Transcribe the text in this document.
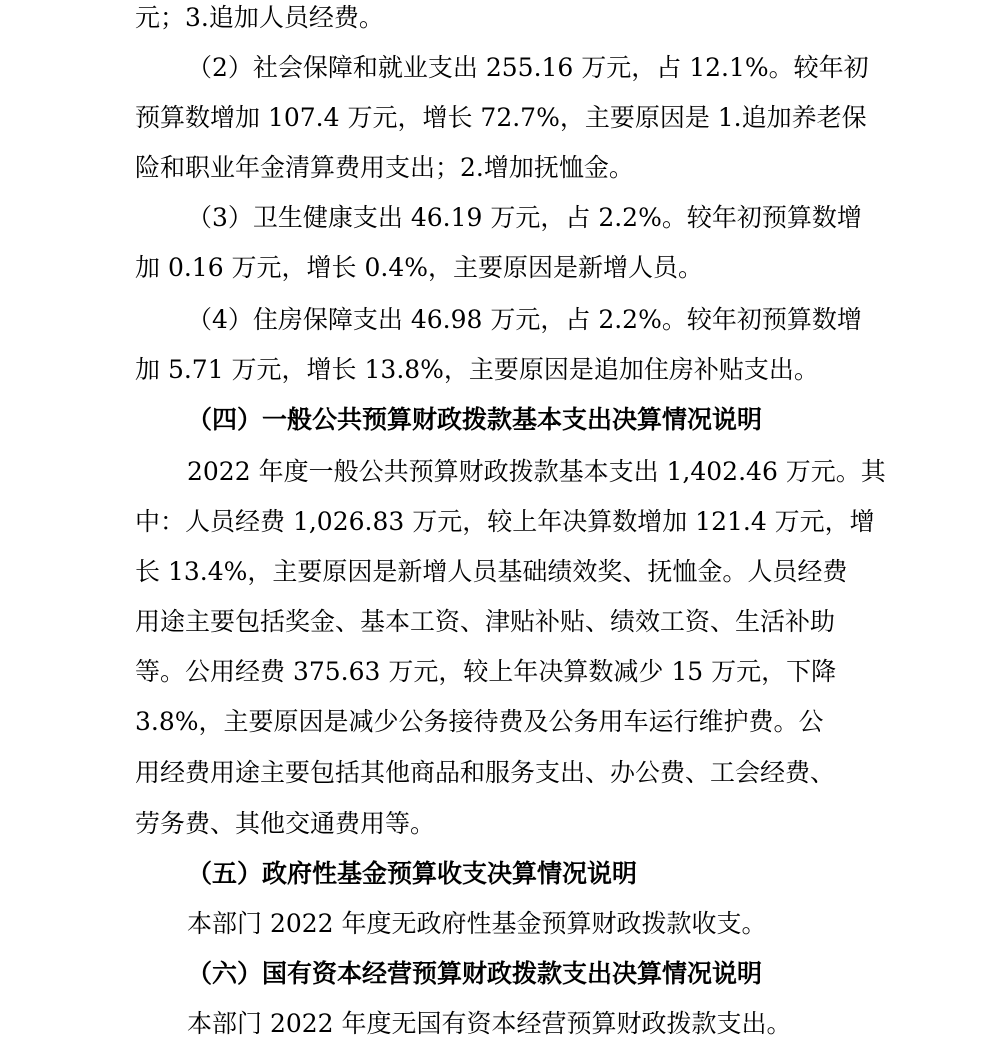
元；3.追加人员经费。
（2）社会保障和就业支出 255.16 万元，占 12.1%。较年初
预算数增加 107.4 万元，增长 72.7%，主要原因是 1.追加养老保
险和职业年金清算费用支出；2.增加抚恤金。
（3）卫生健康支出 46.19 万元，占 2.2%。较年初预算数增
加 0.16 万元，增长 0.4%，主要原因是新增人员。
（4）住房保障支出 46.98 万元，占 2.2%。较年初预算数增
加 5.71 万元，增长 13.8%，主要原因是追加住房补贴支出。
（四）一般公共预算财政拨款基本支出决算情况说明
2022 年度一般公共预算财政拨款基本支出 1,402.46 万元。其
中：人员经费 1,026.83 万元，较上年决算数增加 121.4 万元，增
长 13.4%，主要原因是新增人员基础绩效奖、抚恤金。人员经费
用途主要包括奖金、基本工资、津贴补贴、绩效工资、生活补助
等。公用经费 375.63 万元，较上年决算数减少 15 万元，下降
3.8%，主要原因是减少公务接待费及公务用车运行维护费。公
用经费用途主要包括其他商品和服务支出、办公费、工会经费、
劳务费、其他交通费用等。
（五）政府性基金预算收支决算情况说明
本部门 2022 年度无政府性基金预算财政拨款收支。
（六）国有资本经营预算财政拨款支出决算情况说明
本部门 2022 年度无国有资本经营预算财政拨款支出。
